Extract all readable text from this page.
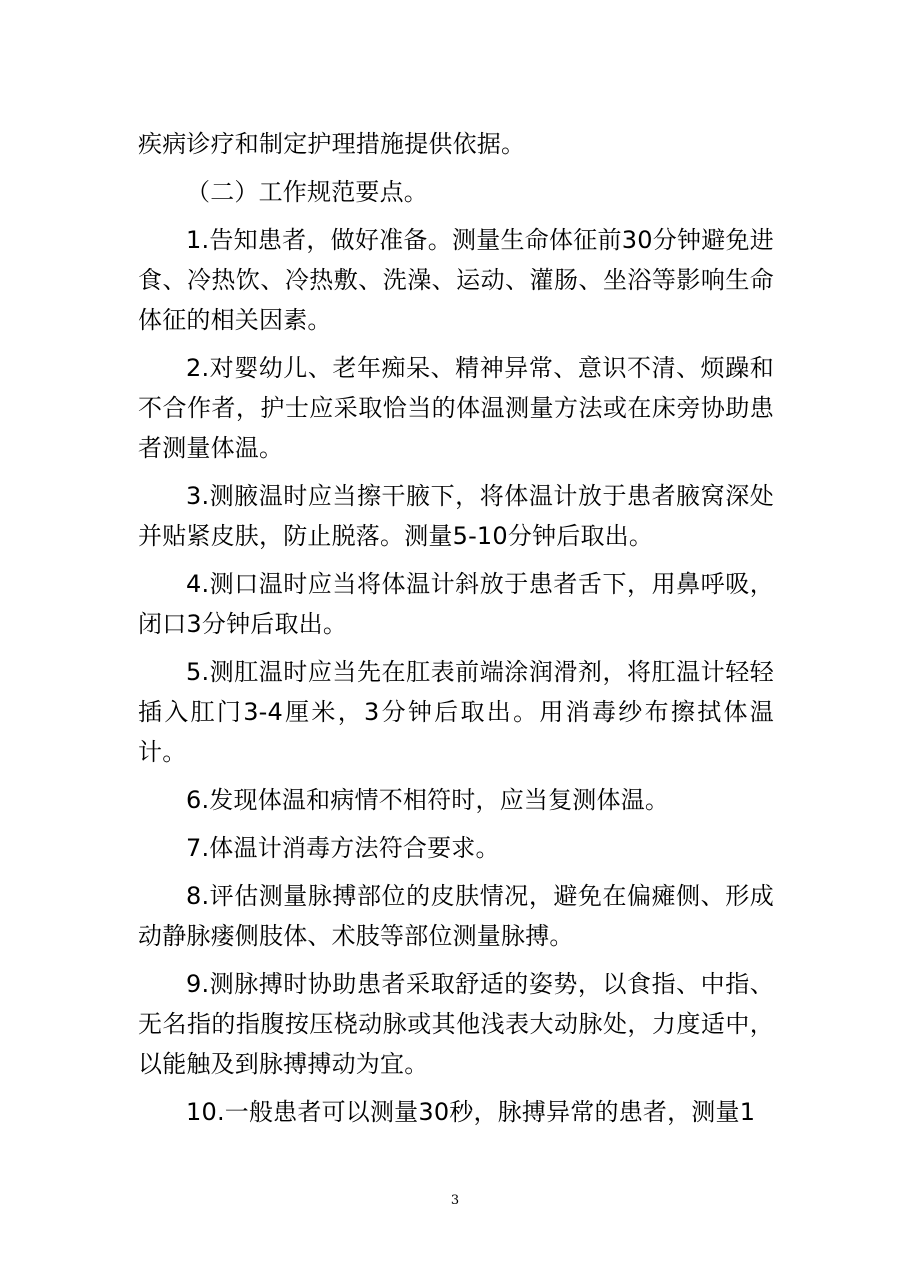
疾病诊疗和制定护理措施提供依据。

（二）工作规范要点。

1.告知患者，做好准备。测量生命体征前30分钟避免进食、冷热饮、冷热敷、洗澡、运动、灌肠、坐浴等影响生命体征的相关因素。

2.对婴幼儿、老年痴呆、精神异常、意识不清、烦躁和不合作者，护士应采取恰当的体温测量方法或在床旁协助患者测量体温。

3.测腋温时应当擦干腋下，将体温计放于患者腋窝深处并贴紧皮肤，防止脱落。测量5-10分钟后取出。

4.测口温时应当将体温计斜放于患者舌下，用鼻呼吸，闭口3分钟后取出。

5.测肛温时应当先在肛表前端涂润滑剂，将肛温计轻轻插入肛门3-4厘米，3分钟后取出。用消毒纱布擦拭体温计。

6.发现体温和病情不相符时，应当复测体温。

7.体温计消毒方法符合要求。

8.评估测量脉搏部位的皮肤情况，避免在偏瘫侧、形成动静脉瘘侧肢体、术肢等部位测量脉搏。

9.测脉搏时协助患者采取舒适的姿势，以食指、中指、无名指的指腹按压桡动脉或其他浅表大动脉处，力度适中，以能触及到脉搏搏动为宜。

10.一般患者可以测量30秒，脉搏异常的患者，测量1

3
